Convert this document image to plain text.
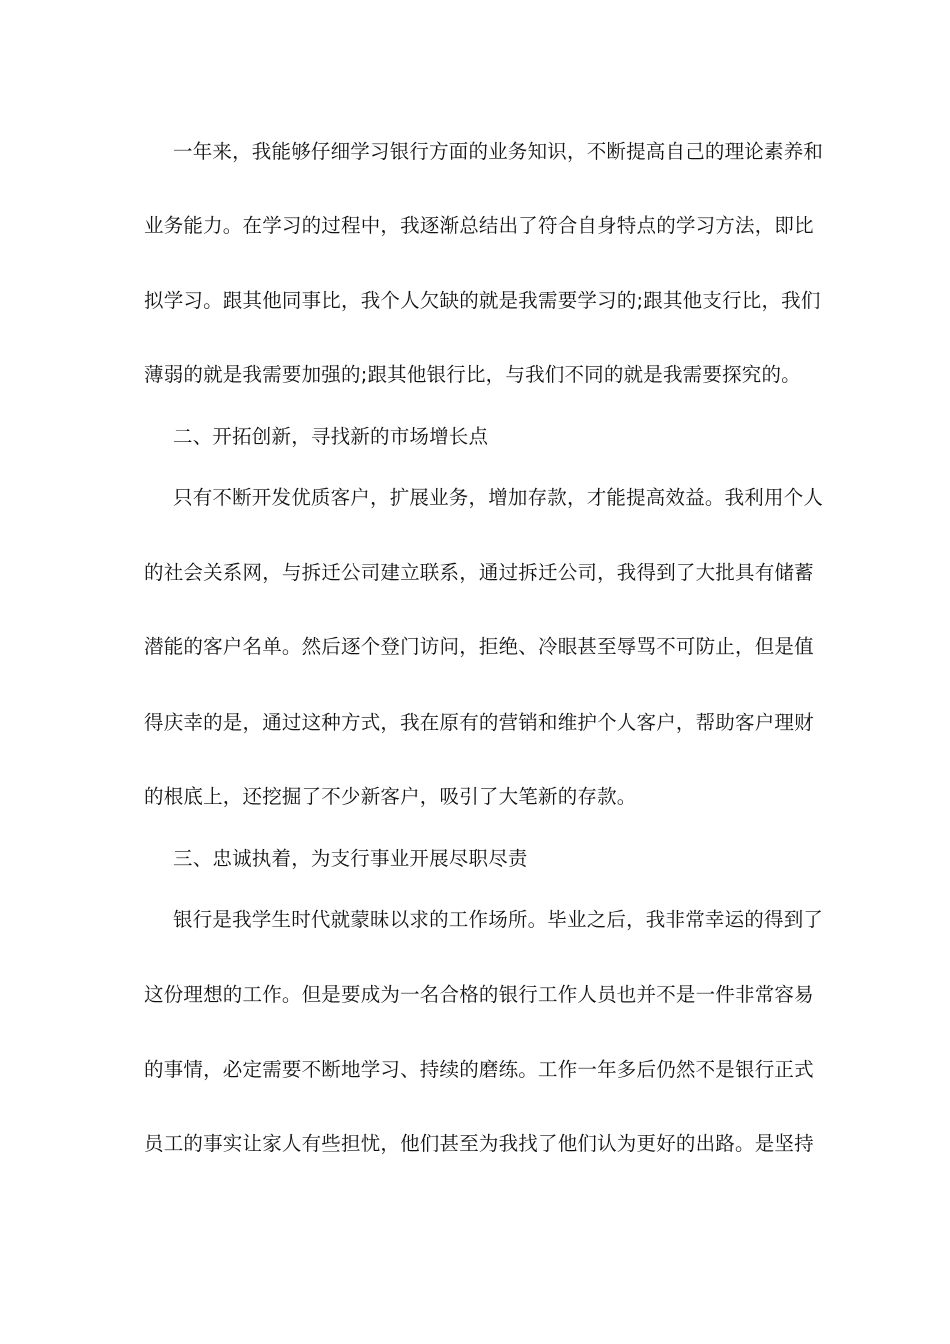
一年来，我能够仔细学习银行方面的业务知识，不断提高自己的理论素养和
业务能力。在学习的过程中，我逐渐总结出了符合自身特点的学习方法，即比
拟学习。跟其他同事比，我个人欠缺的就是我需要学习的;跟其他支行比，我们
薄弱的就是我需要加强的;跟其他银行比，与我们不同的就是我需要探究的。
二、开拓创新，寻找新的市场增长点
只有不断开发优质客户，扩展业务，增加存款，才能提高效益。我利用个人
的社会关系网，与拆迁公司建立联系，通过拆迁公司，我得到了大批具有储蓄
潜能的客户名单。然后逐个登门访问，拒绝、冷眼甚至辱骂不可防止，但是值
得庆幸的是，通过这种方式，我在原有的营销和维护个人客户，帮助客户理财
的根底上，还挖掘了不少新客户，吸引了大笔新的存款。
三、忠诚执着，为支行事业开展尽职尽责
银行是我学生时代就蒙昧以求的工作场所。毕业之后，我非常幸运的得到了
这份理想的工作。但是要成为一名合格的银行工作人员也并不是一件非常容易
的事情，必定需要不断地学习、持续的磨练。工作一年多后仍然不是银行正式
员工的事实让家人有些担忧，他们甚至为我找了他们认为更好的出路。是坚持
